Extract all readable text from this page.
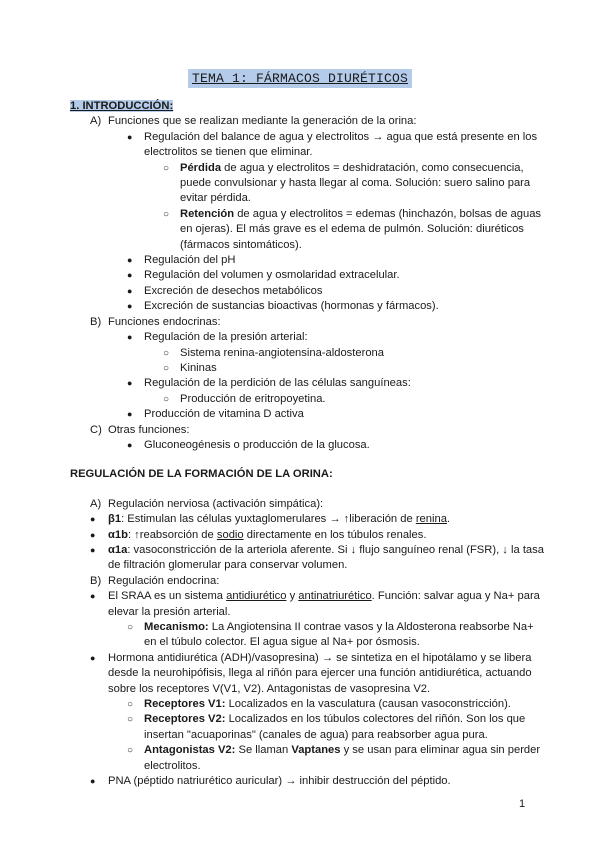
TEMA 1: FÁRMACOS DIURÉTICOS

1. INTRODUCCIÓN:

A) Funciones que se realizan mediante la generación de la orina:
● Regulación del balance de agua y electrolitos → agua que está presente en los electrolitos se tienen que eliminar.
○ Pérdida de agua y electrolitos = deshidratación, como consecuencia, puede convulsionar y hasta llegar al coma. Solución: suero salino para evitar pérdida.
○ Retención de agua y electrolitos = edemas (hinchazón, bolsas de aguas en ojeras). El más grave es el edema de pulmón. Solución: diuréticos (fármacos sintomáticos).
● Regulación del pH
● Regulación del volumen y osmolaridad extracelular.
● Excreción de desechos metabólicos
● Excreción de sustancias bioactivas (hormonas y fármacos).
B) Funciones endocrinas:
● Regulación de la presión arterial:
○ Sistema renina-angiotensina-aldosterona
○ Kininas
● Regulación de la perdición de las células sanguíneas:
○ Producción de eritropoyetina.
● Producción de vitamina D activa
C) Otras funciones:
● Gluconeogénesis o producción de la glucosa.

REGULACIÓN DE LA FORMACIÓN DE LA ORINA:

A) Regulación nerviosa (activación simpática):
● β1: Estimulan las células yuxtaglomerulares → ↑liberación de renina.
● α1b: ↑reabsorción de sodio directamente en los túbulos renales.
● α1a: vasoconstricción de la arteriola aferente. Si ↓ flujo sanguíneo renal (FSR), ↓ la tasa de filtración glomerular para conservar volumen.
B) Regulación endocrina:
● El SRAA es un sistema antidiurético y antinatriurético. Función: salvar agua y Na+ para elevar la presión arterial.
○ Mecanismo: La Angiotensina II contrae vasos y la Aldosterona reabsorbe Na+ en el túbulo colector. El agua sigue al Na+ por ósmosis.
● Hormona antidiurética (ADH)/vasopresina) → se sintetiza en el hipotálamo y se libera desde la neurohipófisis, llega al riñón para ejercer una función antidiurética, actuando sobre los receptores V(V1, V2). Antagonistas de vasopresina V2.
○ Receptores V1: Localizados en la vasculatura (causan vasoconstricción).
○ Receptores V2: Localizados en los túbulos colectores del riñón. Son los que insertan "acuaporinas" (canales de agua) para reabsorber agua pura.
○ Antagonistas V2: Se llaman Vaptanes y se usan para eliminar agua sin perder electrolitos.
● PNA (péptido natriurético auricular) → inhibir destrucción del péptido.
1
